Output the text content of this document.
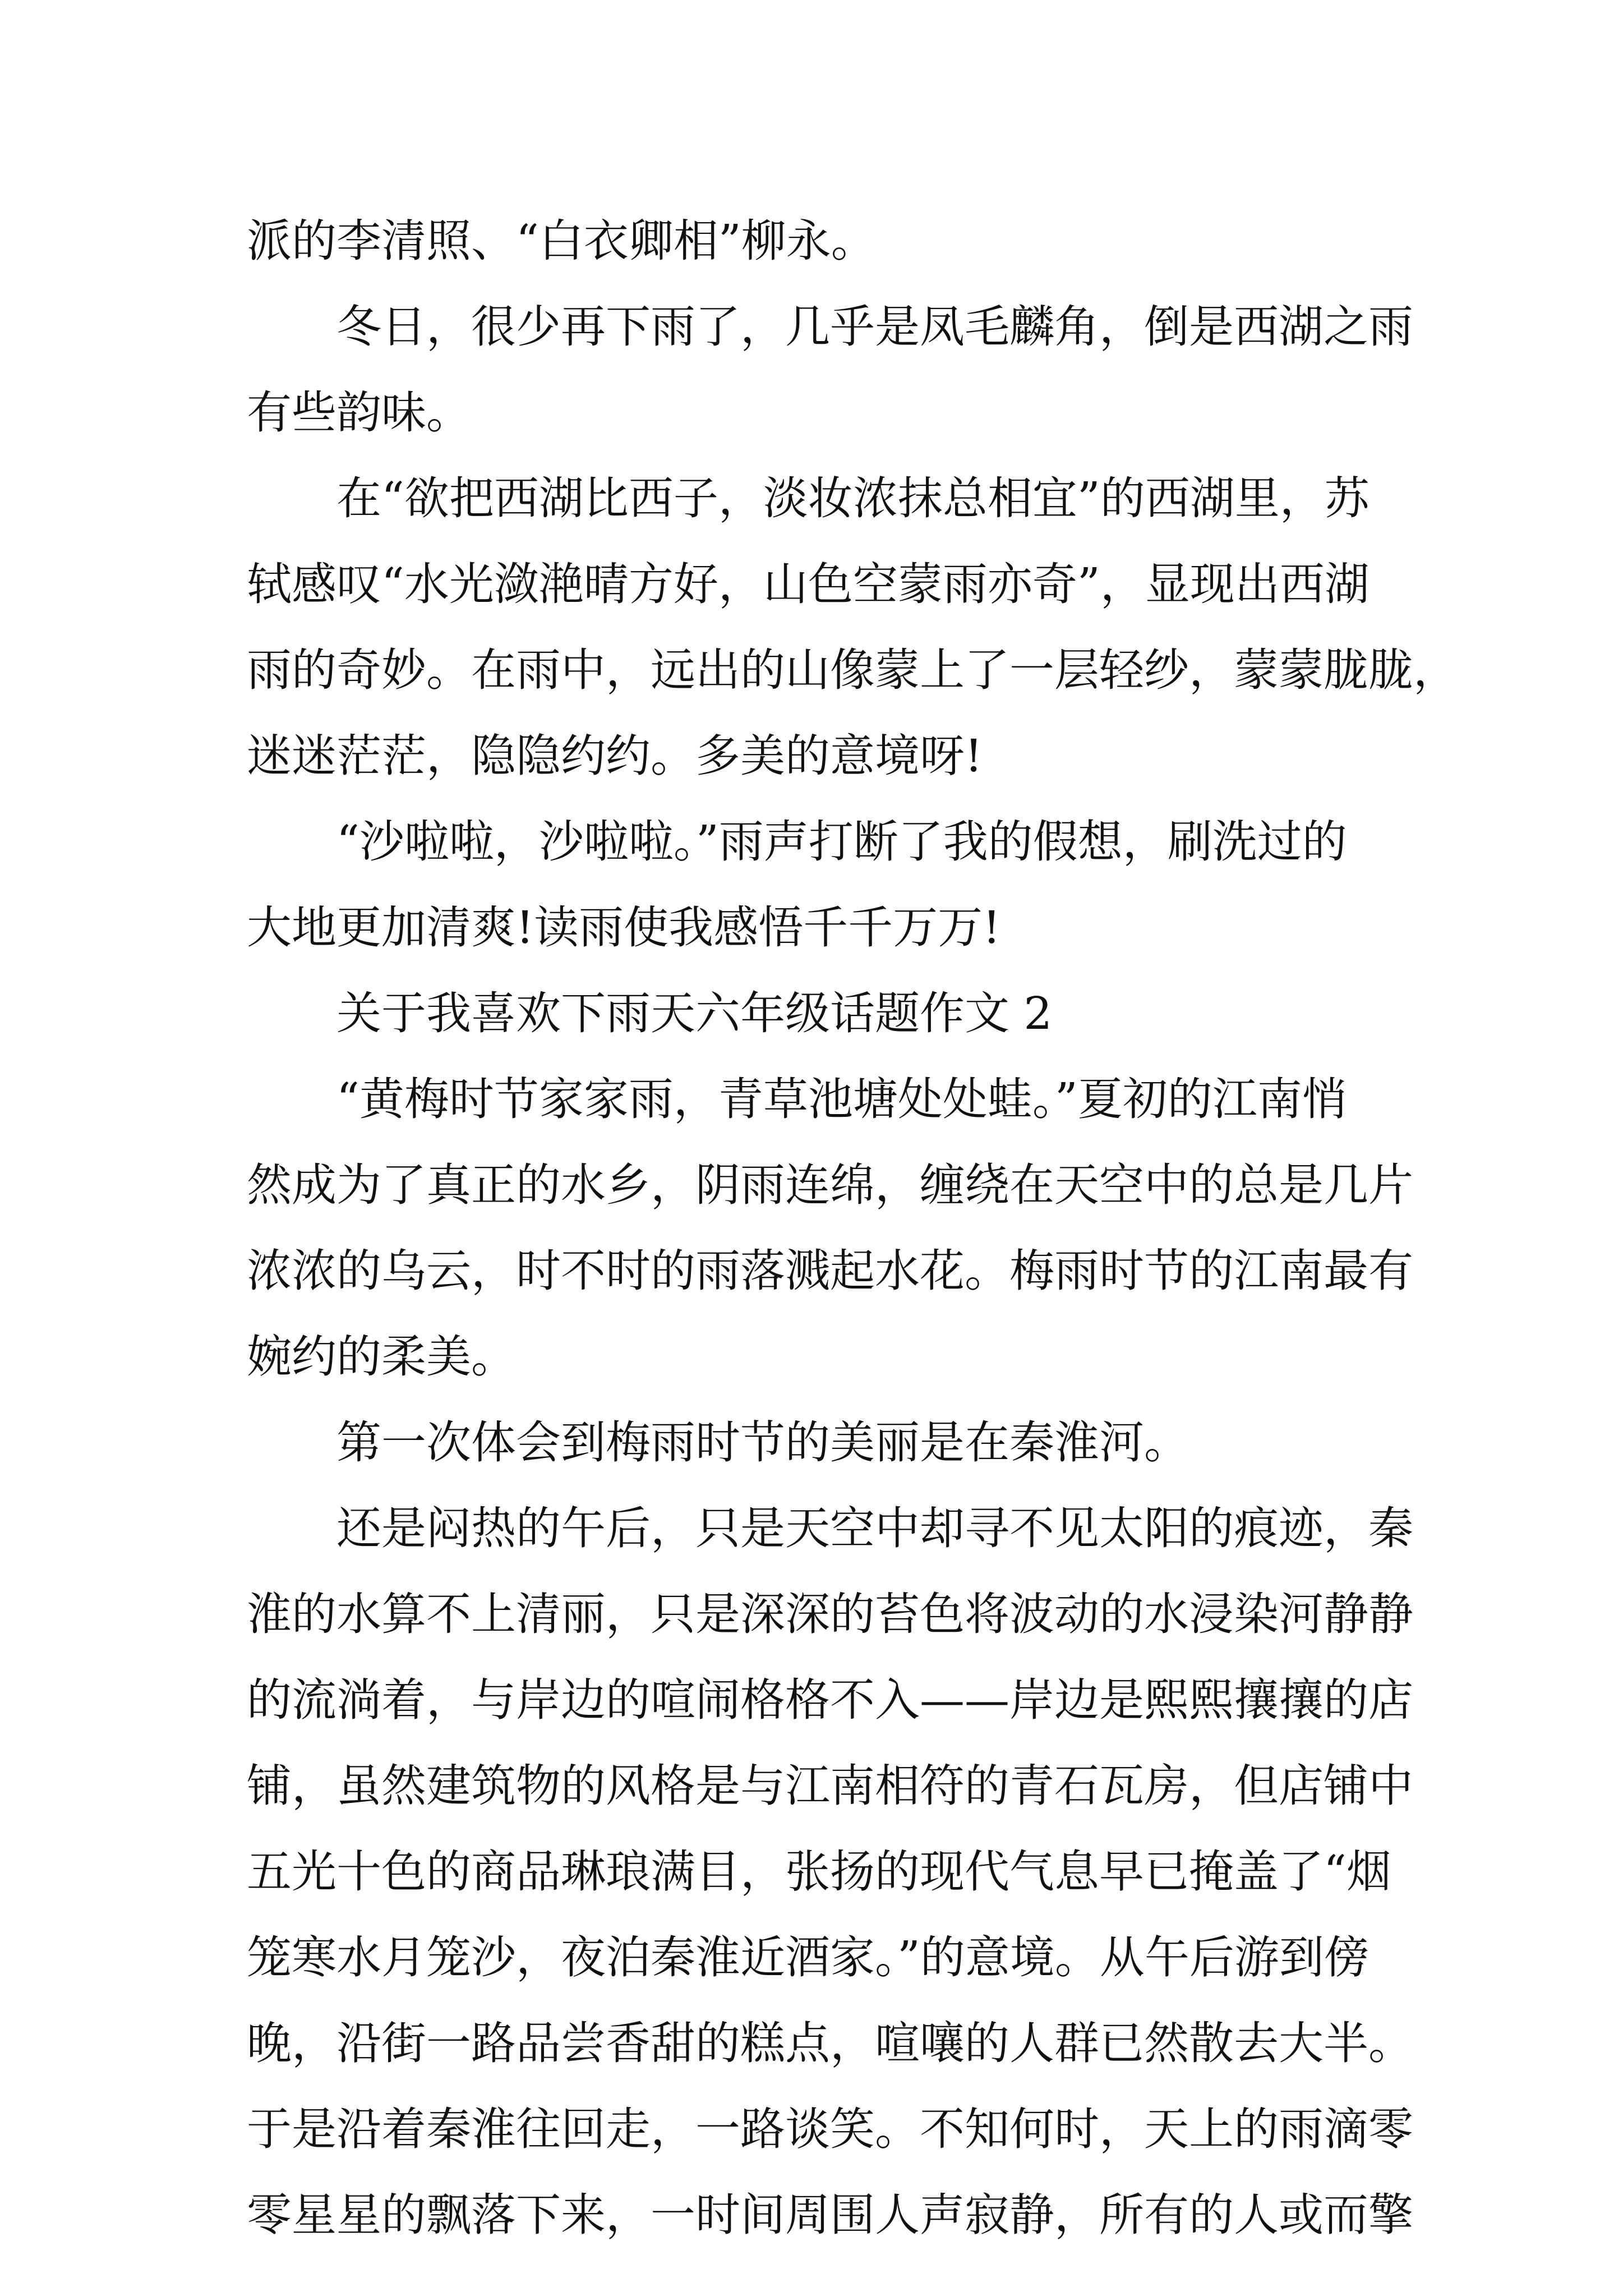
派的李清照、“白衣卿相”柳永。
冬日，很少再下雨了，几乎是凤毛麟角，倒是西湖之雨
有些韵味。
在“欲把西湖比西子，淡妆浓抹总相宜”的西湖里，苏
轼感叹“水光潋滟晴方好，山色空蒙雨亦奇”，显现出西湖
雨的奇妙。在雨中，远出的山像蒙上了一层轻纱，蒙蒙胧胧，
迷迷茫茫，隐隐约约。多美的意境呀!
“沙啦啦，沙啦啦。”雨声打断了我的假想，刷洗过的
大地更加清爽!读雨使我感悟千千万万!
关于我喜欢下雨天六年级话题作文 2
“黄梅时节家家雨，青草池塘处处蛙。”夏初的江南悄
然成为了真正的水乡，阴雨连绵，缠绕在天空中的总是几片
浓浓的乌云，时不时的雨落溅起水花。梅雨时节的江南最有
婉约的柔美。
第一次体会到梅雨时节的美丽是在秦淮河。
还是闷热的午后，只是天空中却寻不见太阳的痕迹，秦
淮的水算不上清丽，只是深深的苔色将波动的水浸染河静静
的流淌着，与岸边的喧闹格格不入——岸边是熙熙攘攘的店
铺，虽然建筑物的风格是与江南相符的青石瓦房，但店铺中
五光十色的商品琳琅满目，张扬的现代气息早已掩盖了“烟
笼寒水月笼沙，夜泊秦淮近酒家。”的意境。从午后游到傍
晚，沿街一路品尝香甜的糕点，喧嚷的人群已然散去大半。
于是沿着秦淮往回走，一路谈笑。不知何时，天上的雨滴零
零星星的飘落下来，一时间周围人声寂静，所有的人或而擎
